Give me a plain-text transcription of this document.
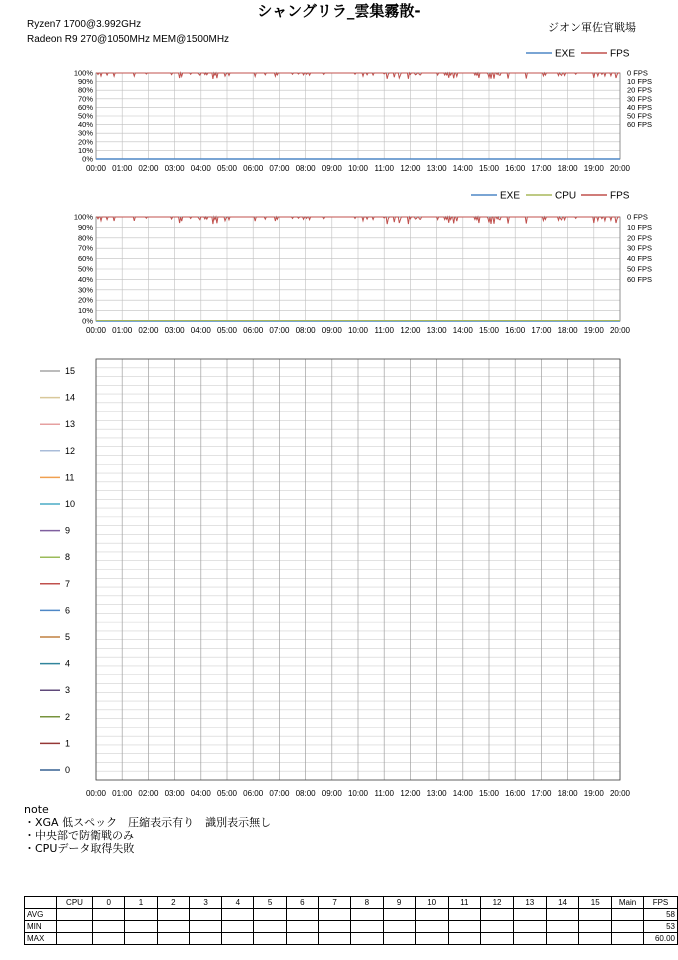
シャングリラ_雲集霧散-
Ryzen7 1700@3.992GHz
Radeon R9 270@1050MHz MEM@1500MHz
ジオン軍佐官戦場
EXE	FPS
0%
10%
20%
30%
40%
50%
60%
70%
80%
90%
100%
00:00 01:00 02:00 03:00 04:00 05:00 06:00 07:00 08:00 09:00 10:00 11:00 12:00 13:00 14:00 15:00 16:00 17:00 18:00 19:00 20:00
0 FPS
10 FPS
20 FPS
30 FPS
40 FPS
50 FPS
60 FPS
EXE	CPU	FPS
0%
10%
20%
30%
40%
50%
60%
70%
80%
90%
100%
00:00 01:00 02:00 03:00 04:00 05:00 06:00 07:00 08:00 09:00 10:00 11:00 12:00 13:00 14:00 15:00 16:00 17:00 18:00 19:00 20:00
0 FPS
10 FPS
20 FPS
30 FPS
40 FPS
50 FPS
60 FPS
00:00 01:00 02:00 03:00 04:00 05:00 06:00 07:00 08:00 09:00 10:00 11:00 12:00 13:00 14:00 15:00 16:00 17:00 18:00 19:00 20:00
15
14
13
12
11
10
9
8
7
6
5
4
3
2
1
0
note
・XGA 低スペック　圧縮表示有り　識別表示無し
・中央部で防衛戦のみ
・CPUデータ取得失敗
	CPU	0	1	2	3	4	5	6	7	8	9	10	11	12	13	14	15	Main	FPS
AVG																			58
MIN																			53
MAX																			60.00
